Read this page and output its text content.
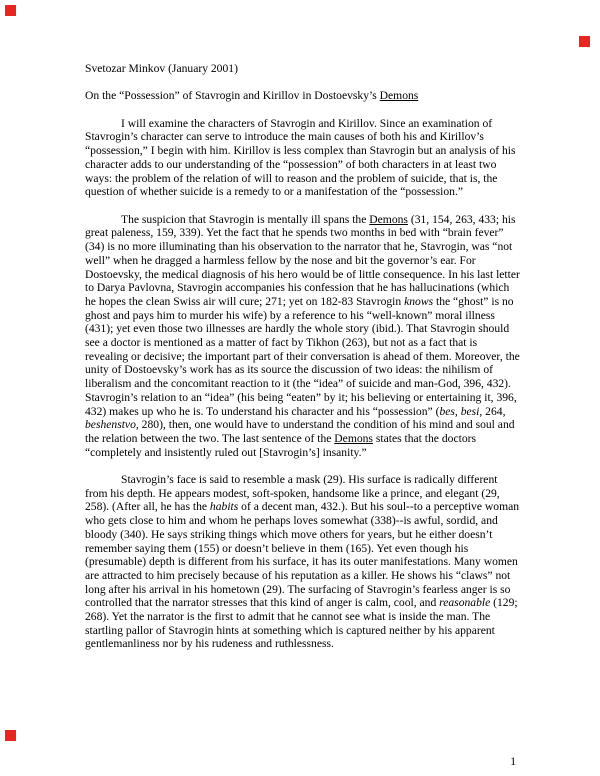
Svetozar Minkov (January 2001)
On the “Possession” of Stavrogin and Kirillov in Dostoevsky’s Demons

I will examine the characters of Stavrogin and Kirillov. Since an examination of Stavrogin’s character can serve to introduce the main causes of both his and Kirillov’s “possession,” I begin with him. Kirillov is less complex than Stavrogin but an analysis of his character adds to our understanding of the “possession” of both characters in at least two ways: the problem of the relation of will to reason and the problem of suicide, that is, the question of whether suicide is a remedy to or a manifestation of the “possession.”

The suspicion that Stavrogin is mentally ill spans the Demons (31, 154, 263, 433; his great paleness, 159, 339). Yet the fact that he spends two months in bed with “brain fever” (34) is no more illuminating than his observation to the narrator that he, Stavrogin, was “not well” when he dragged a harmless fellow by the nose and bit the governor’s ear. For Dostoevsky, the medical diagnosis of his hero would be of little consequence. In his last letter to Darya Pavlovna, Stavrogin accompanies his confession that he has hallucinations (which he hopes the clean Swiss air will cure; 271; yet on 182-83 Stavrogin knows the “ghost” is no ghost and pays him to murder his wife) by a reference to his “well-known” moral illness (431); yet even those two illnesses are hardly the whole story (ibid.). That Stavrogin should see a doctor is mentioned as a matter of fact by Tikhon (263), but not as a fact that is revealing or decisive; the important part of their conversation is ahead of them. Moreover, the unity of Dostoevsky’s work has as its source the discussion of two ideas: the nihilism of liberalism and the concomitant reaction to it (the “idea” of suicide and man-God, 396, 432). Stavrogin’s relation to an “idea” (his being “eaten” by it; his believing or entertaining it, 396, 432) makes up who he is. To understand his character and his “possession” (bes, besi, 264, beshenstvo, 280), then, one would have to understand the condition of his mind and soul and the relation between the two. The last sentence of the Demons states that the doctors “completely and insistently ruled out [Stavrogin’s] insanity.”

Stavrogin’s face is said to resemble a mask (29). His surface is radically different from his depth. He appears modest, soft-spoken, handsome like a prince, and elegant (29, 258). (After all, he has the habits of a decent man, 432.). But his soul--to a perceptive woman who gets close to him and whom he perhaps loves somewhat (338)--is awful, sordid, and bloody (340). He says striking things which move others for years, but he either doesn’t remember saying them (155) or doesn’t believe in them (165). Yet even though his (presumable) depth is different from his surface, it has its outer manifestations. Many women are attracted to him precisely because of his reputation as a killer. He shows his “claws” not long after his arrival in his hometown (29). The surfacing of Stavrogin’s fearless anger is so controlled that the narrator stresses that this kind of anger is calm, cool, and reasonable (129; 268). Yet the narrator is the first to admit that he cannot see what is inside the man. The startling pallor of Stavrogin hints at something which is captured neither by his apparent gentlemanliness nor by his rudeness and ruthlessness.

1
